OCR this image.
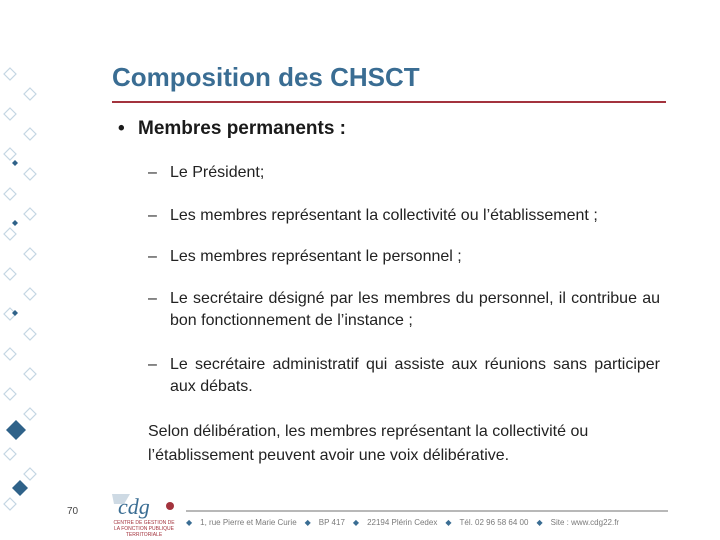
Composition des CHSCT
• Membres permanents :
– Le Président;
– Les membres représentant la collectivité ou l’établissement ;
– Les membres représentant le personnel ;
– Le secrétaire désigné par les membres du personnel, il contribue au bon fonctionnement de l’instance ;
– Le secrétaire administratif qui assiste aux réunions sans participer aux débats.
Selon délibération, les membres représentant la collectivité ou l’établissement peuvent avoir une voix délibérative.
70 cdg
CENTRE DE GESTION DE LA FONCTION PUBLIQUE TERRITORIALE
◆ 1, rue Pierre et Marie Curie ◆ BP 417 ◆ 22194 Plérin Cedex ◆ Tél. 02 96 58 64 00 ◆ Site : www.cdg22.fr
